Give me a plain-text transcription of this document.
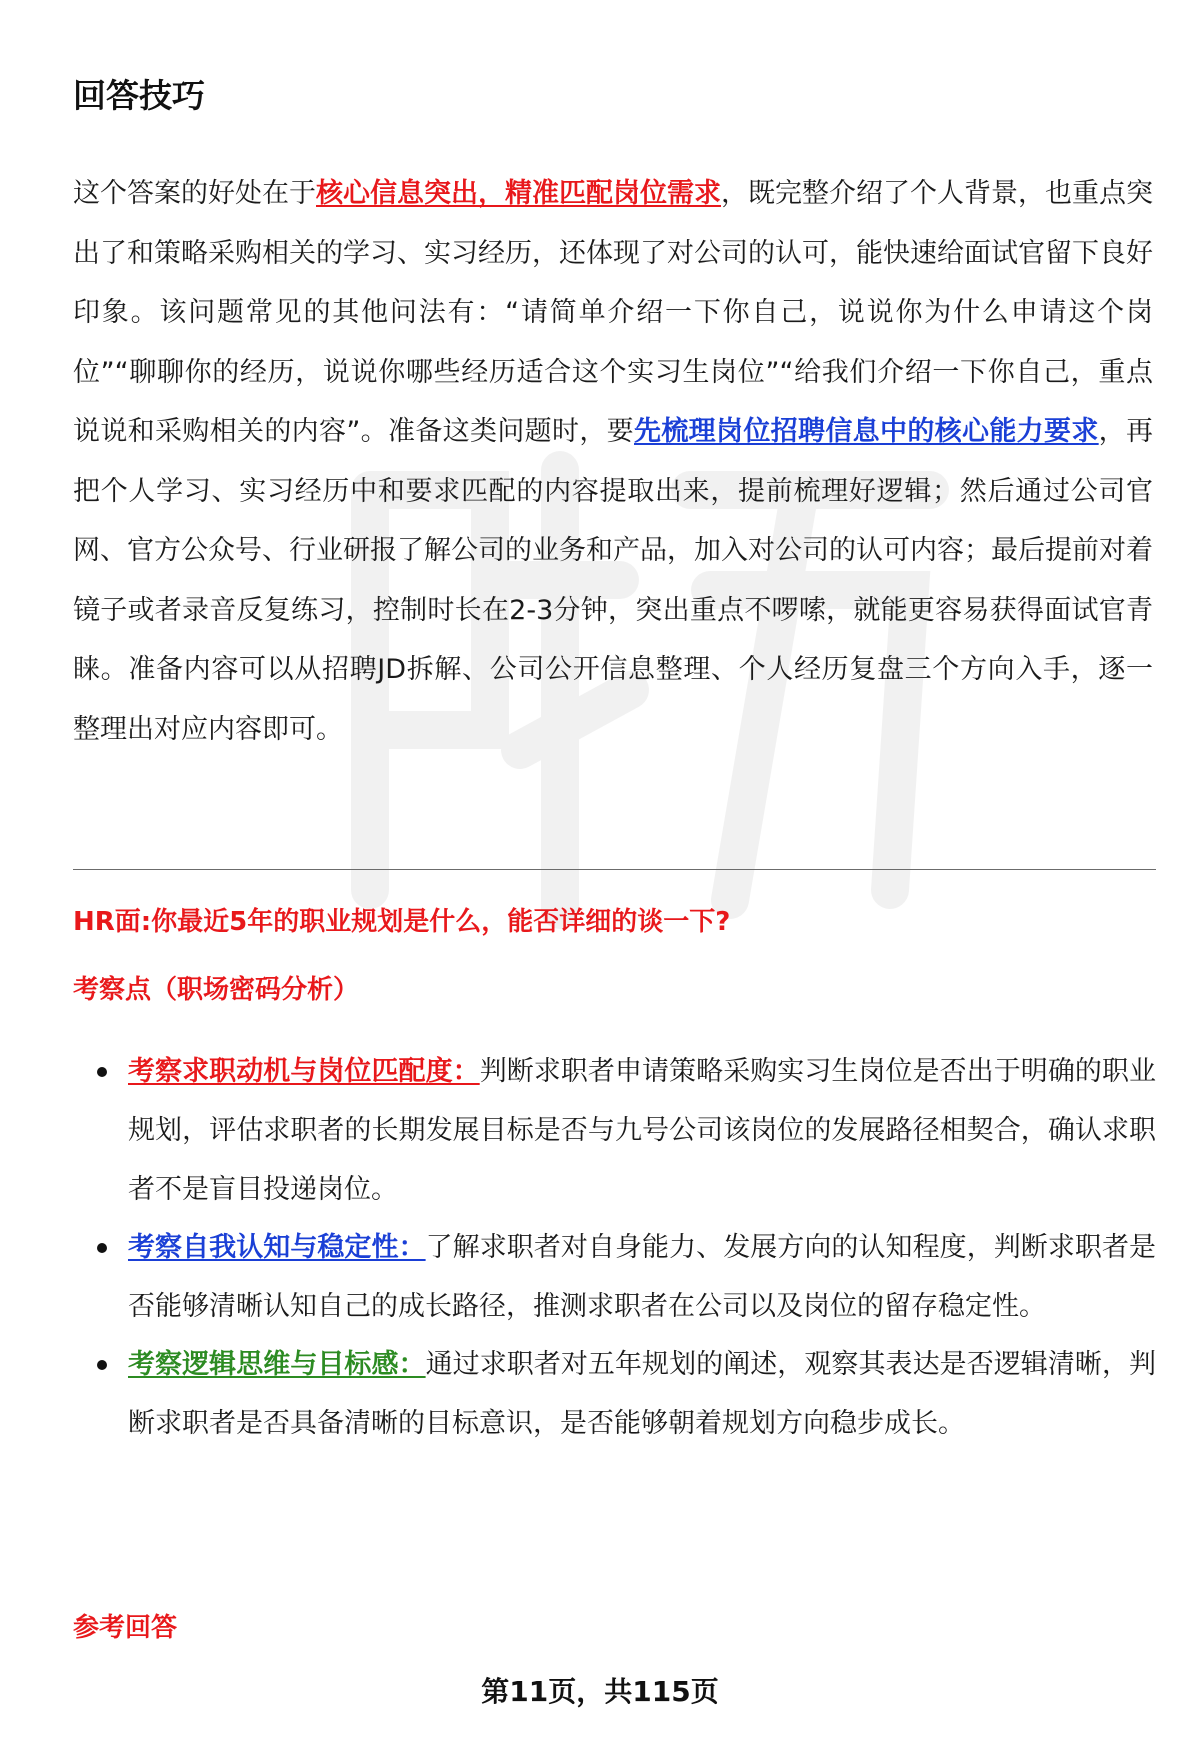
回答技巧

这个答案的好处在于核心信息突出，精准匹配岗位需求，既完整介绍了个人背景，也重点突出了和策略采购相关的学习、实习经历，还体现了对公司的认可，能快速给面试官留下良好印象。该问题常见的其他问法有：“请简单介绍一下你自己，说说你为什么申请这个岗位”“聊聊你的经历，说说你哪些经历适合这个实习生岗位”“给我们介绍一下你自己，重点说说和采购相关的内容”。准备这类问题时，要先梳理岗位招聘信息中的核心能力要求，再把个人学习、实习经历中和要求匹配的内容提取出来，提前梳理好逻辑；然后通过公司官网、官方公众号、行业研报了解公司的业务和产品，加入对公司的认可内容；最后提前对着镜子或者录音反复练习，控制时长在2-3分钟，突出重点不啰嗦，就能更容易获得面试官青睐。准备内容可以从招聘JD拆解、公司公开信息整理、个人经历复盘三个方向入手，逐一整理出对应内容即可。

HR面:你最近5年的职业规划是什么，能否详细的谈一下?
考察点（职场密码分析）
考察求职动机与岗位匹配度：判断求职者申请策略采购实习生岗位是否出于明确的职业规划，评估求职者的长期发展目标是否与九号公司该岗位的发展路径相契合，确认求职者不是盲目投递岗位。
考察自我认知与稳定性：了解求职者对自身能力、发展方向的认知程度，判断求职者是否能够清晰认知自己的成长路径，推测求职者在公司以及岗位的留存稳定性。
考察逻辑思维与目标感：通过求职者对五年规划的阐述，观察其表达是否逻辑清晰，判断求职者是否具备清晰的目标意识，是否能够朝着规划方向稳步成长。
参考回答
第11页，共115页
